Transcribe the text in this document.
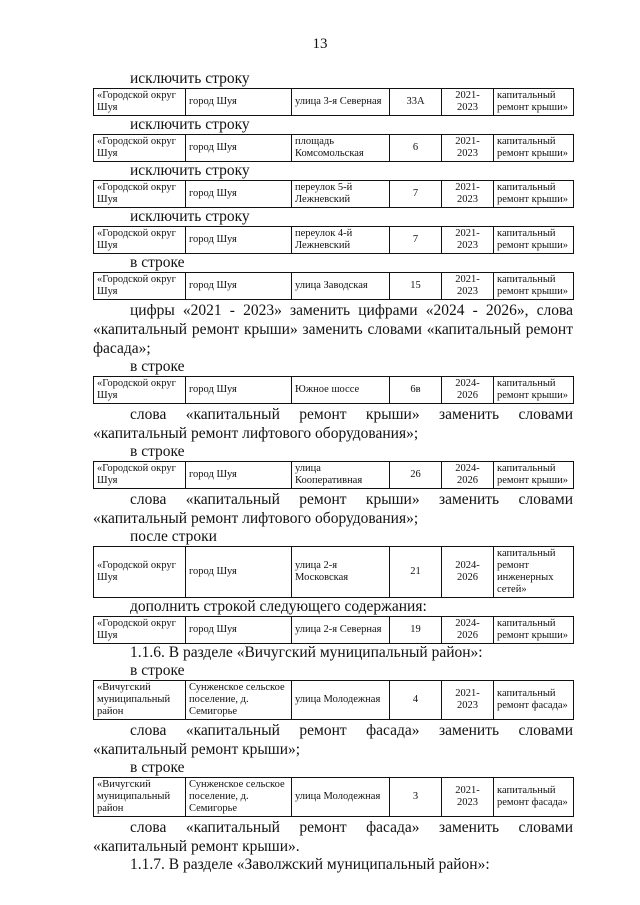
13
исключить строку
«Городской округ Шуя	город Шуя	улица 3-я Северная	33А	2021-2023	капитальный ремонт крыши»
исключить строку
«Городской округ Шуя	город Шуя	площадь Комсомольская	6	2021-2023	капитальный ремонт крыши»
исключить строку
«Городской округ Шуя	город Шуя	переулок 5-й Лежневский	7	2021-2023	капитальный ремонт крыши»
исключить строку
«Городской округ Шуя	город Шуя	переулок 4-й Лежневский	7	2021-2023	капитальный ремонт крыши»
в строке
«Городской округ Шуя	город Шуя	улица Заводская	15	2021-2023	капитальный ремонт крыши»

цифры «2021 - 2023» заменить цифрами «2024 - 2026», слова «капитальный ремонт крыши» заменить словами «капитальный ремонт фасада»;

в строке
«Городской округ Шуя	город Шуя	Южное шоссе	6в	2024-2026	капитальный ремонт крыши»

слова «капитальный ремонт крыши» заменить словами «капитальный ремонт лифтового оборудования»;

в строке
«Городской округ Шуя	город Шуя	улица Кооперативная	26	2024-2026	капитальный ремонт крыши»

слова «капитальный ремонт крыши» заменить словами «капитальный ремонт лифтового оборудования»;

после строки
«Городской округ Шуя	город Шуя	улица 2-я Московская	21	2024-2026	капитальный ремонт инженерных сетей»
дополнить строкой следующего содержания:
«Городской округ Шуя	город Шуя	улица 2-я Северная	19	2024-2026	капитальный ремонт крыши»
1.1.6. В разделе «Вичугский муниципальный район»:
в строке
«Вичугский муниципальный район	Сунженское сельское поселение, д. Семигорье	улица Молодежная	4	2021-2023	капитальный ремонт фасада»

слова «капитальный ремонт фасада» заменить словами «капитальный ремонт крыши»;

в строке
«Вичугский муниципальный район	Сунженское сельское поселение, д. Семигорье	улица Молодежная	3	2021-2023	капитальный ремонт фасада»

слова «капитальный ремонт фасада» заменить словами «капитальный ремонт крыши».

1.1.7. В разделе «Заволжский муниципальный район»:
